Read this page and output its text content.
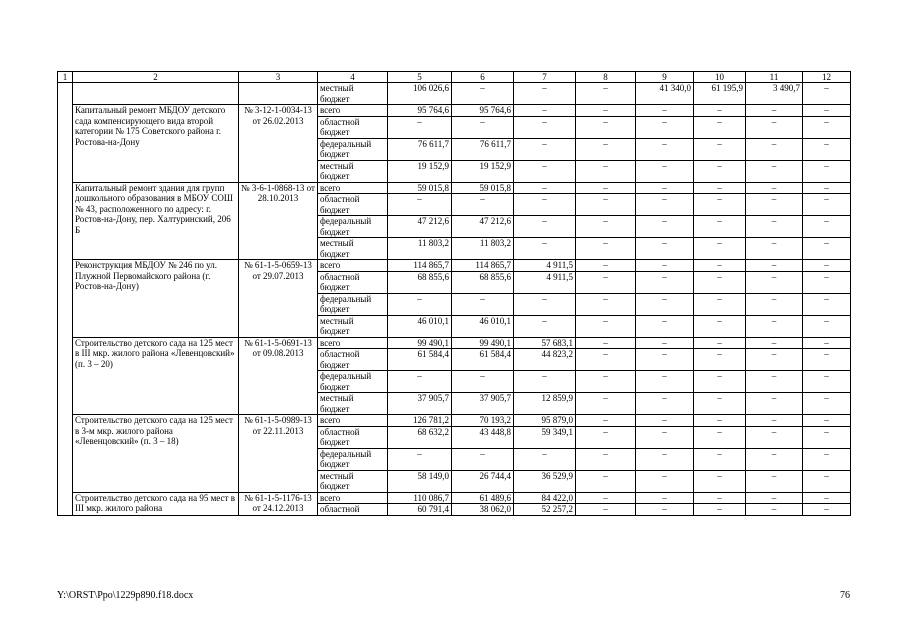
1	2	3	4	5	6	7	8	9	10	11	12
			местный бюджет	106 026,6	–	–	–	41 340,0	61 195,9	3 490,7	–
	Капитальный ремонт МБДОУ детского сада компенсирующего вида второй категории № 175 Советского района г. Ростова-на-Дону	№ 3-12-1-0034-13 от 26.02.2013	всего	95 764,6	95 764,6	–	–	–	–	–	–
			областной бюджет	–	–	–	–	–	–	–	–
			федеральный бюджет	76 611,7	76 611,7	–	–	–	–	–	–
			местный бюджет	19 152,9	19 152,9	–	–	–	–	–	–
	Капитальный ремонт здания для групп дошкольного образования в МБОУ СОШ № 43, расположенного по адресу: г. Ростов-на-Дону, пер. Халтуринский, 206 Б	№ 3-6-1-0868-13 от 28.10.2013	всего	59 015,8	59 015,8	–	–	–	–	–	–
			областной бюджет	–	–	–	–	–	–	–	–
			федеральный бюджет	47 212,6	47 212,6	–	–	–	–	–	–
			местный бюджет	11 803,2	11 803,2	–	–	–	–	–	–
	Реконструкция МБДОУ № 246 по ул. Плужной Первомайского района (г. Ростов-на-Дону)	№ 61-1-5-0659-13 от 29.07.2013	всего	114 865,7	114 865,7	4 911,5	–	–	–	–	–
			областной бюджет	68 855,6	68 855,6	4 911,5	–	–	–	–	–
			федеральный бюджет	–	–	–	–	–	–	–	–
			местный бюджет	46 010,1	46 010,1	–	–	–	–	–	–
	Строительство детского сада на 125 мест в III мкр. жилого района «Левенцовский» (п. 3 – 20)	№ 61-1-5-0691-13 от 09.08.2013	всего	99 490,1	99 490,1	57 683,1	–	–	–	–	–
			областной бюджет	61 584,4	61 584,4	44 823,2	–	–	–	–	–
			федеральный бюджет	–	–	–	–	–	–	–	–
			местный бюджет	37 905,7	37 905,7	12 859,9	–	–	–	–	–
	Строительство детского сада на 125 мест в 3-м мкр. жилого района «Левенцовский» (п. 3 – 18)	№ 61-1-5-0989-13 от 22.11.2013	всего	126 781,2	70 193,2	95 879,0	–	–	–	–	–
			областной бюджет	68 632,2	43 448,8	59 349,1	–	–	–	–	–
			федеральный бюджет	–	–	–	–	–	–	–	–
			местный бюджет	58 149,0	26 744,4	36 529,9	–	–	–	–	–
	Строительство детского сада на 95 мест в III мкр. жилого района	№ 61-1-5-1176-13 от 24.12.2013	всего	110 086,7	61 489,6	84 422,0	–	–	–	–	–
			областной	60 791,4	38 062,0	52 257,2	–	–	–	–	–
Y:\ORST\Ppo\1229p890.f18.docx	76
